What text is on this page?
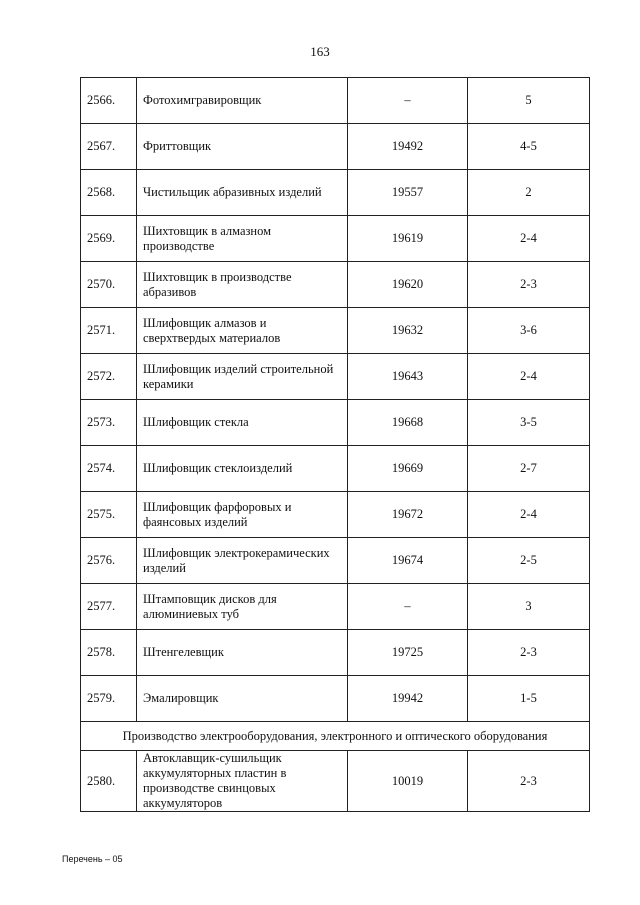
163
2566.	Фотохимгравировщик	–	5
2567.	Фриттовщик	19492	4-5
2568.	Чистильщик абразивных изделий	19557	2
2569.	Шихтовщик в алмазном производстве	19619	2-4
2570.	Шихтовщик в производстве абразивов	19620	2-3
2571.	Шлифовщик алмазов и сверхтвердых материалов	19632	3-6
2572.	Шлифовщик изделий строительной керамики	19643	2-4
2573.	Шлифовщик стекла	19668	3-5
2574.	Шлифовщик стеклоизделий	19669	2-7
2575.	Шлифовщик фарфоровых и фаянсовых изделий	19672	2-4
2576.	Шлифовщик электрокерамических изделий	19674	2-5
2577.	Штамповщик дисков для алюминиевых туб	–	3
2578.	Штенгелевщик	19725	2-3
2579.	Эмалировщик	19942	1-5
Производство электрооборудования, электронного и оптического оборудования			
2580.	Автоклавщик-сушильщик аккумуляторных пластин в производстве свинцовых аккумуляторов	10019	2-3
Перечень – 05
